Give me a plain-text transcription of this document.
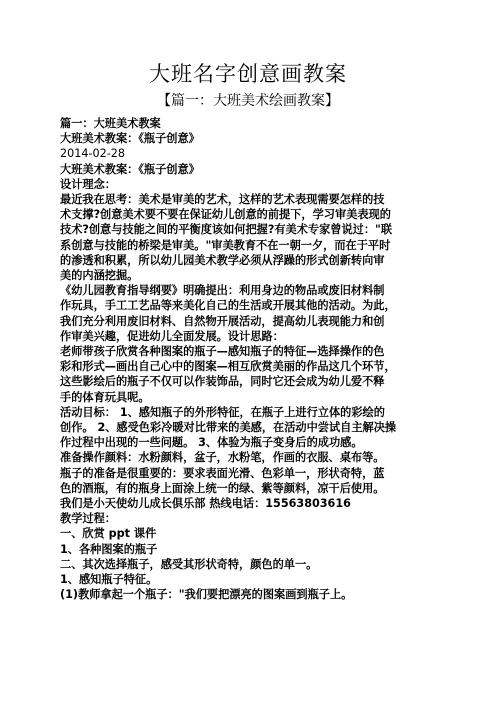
大班名字创意画教案
【篇一：大班美术绘画教案】

篇一：大班美术教案

大班美术教案：《瓶子创意》

2014-02-28

大班美术教案：《瓶子创意》

设计理念：

最近我在思考：美术是审美的艺术，这样的艺术表现需要怎样的技

术支撑?创意美术要不要在保证幼儿创意的前提下，学习审美表现的

技术?创意与技能之间的平衡度该如何把握?有美术专家曾说过："联

系创意与技能的桥梁是审美。"审美教育不在一朝一夕，而在于平时

的渗透和积累，所以幼儿园美术教学必须从浮躁的形式创新转向审

美的内涵挖掘。

《幼儿园教育指导纲要》明确提出：利用身边的物品或废旧材料制

作玩具，手工工艺品等来美化自己的生活或开展其他的活动。为此，

我们充分利用废旧材料、自然物开展活动，提高幼儿表现能力和创

作审美兴趣，促进幼儿全面发展。设计思路：

老师带孩子欣赏各种图案的瓶子—感知瓶子的特征—选择操作的色

彩和形式—画出自己心中的图案—相互欣赏美丽的作品这几个环节，

这些影绘后的瓶子不仅可以作装饰品，同时它还会成为幼儿爱不释

手的体育玩具呢。

活动目标： 1、感知瓶子的外形特征，在瓶子上进行立体的彩绘的

创作。 2、感受色彩冷暖对比带来的美感，在活动中尝试自主解决操

作过程中出现的一些问题。 3、体验为瓶子变身后的成功感。

准备操作颜料：水粉颜料，盆子，水粉笔，作画的衣服、桌布等。

瓶子的准备是很重要的：要求表面光滑、色彩单一，形状奇特，蓝

色的酒瓶，有的瓶身上面涂上统一的绿、紫等颜料，凉干后使用。

我们是小天使幼儿成长俱乐部 热线电话：15563803616

教学过程：

一、欣赏 ppt 课件

1、各种图案的瓶子

二、其次选择瓶子，感受其形状奇特，颜色的单一。

1、感知瓶子特征。

(1)教师拿起一个瓶子："我们要把漂亮的图案画到瓶子上。
